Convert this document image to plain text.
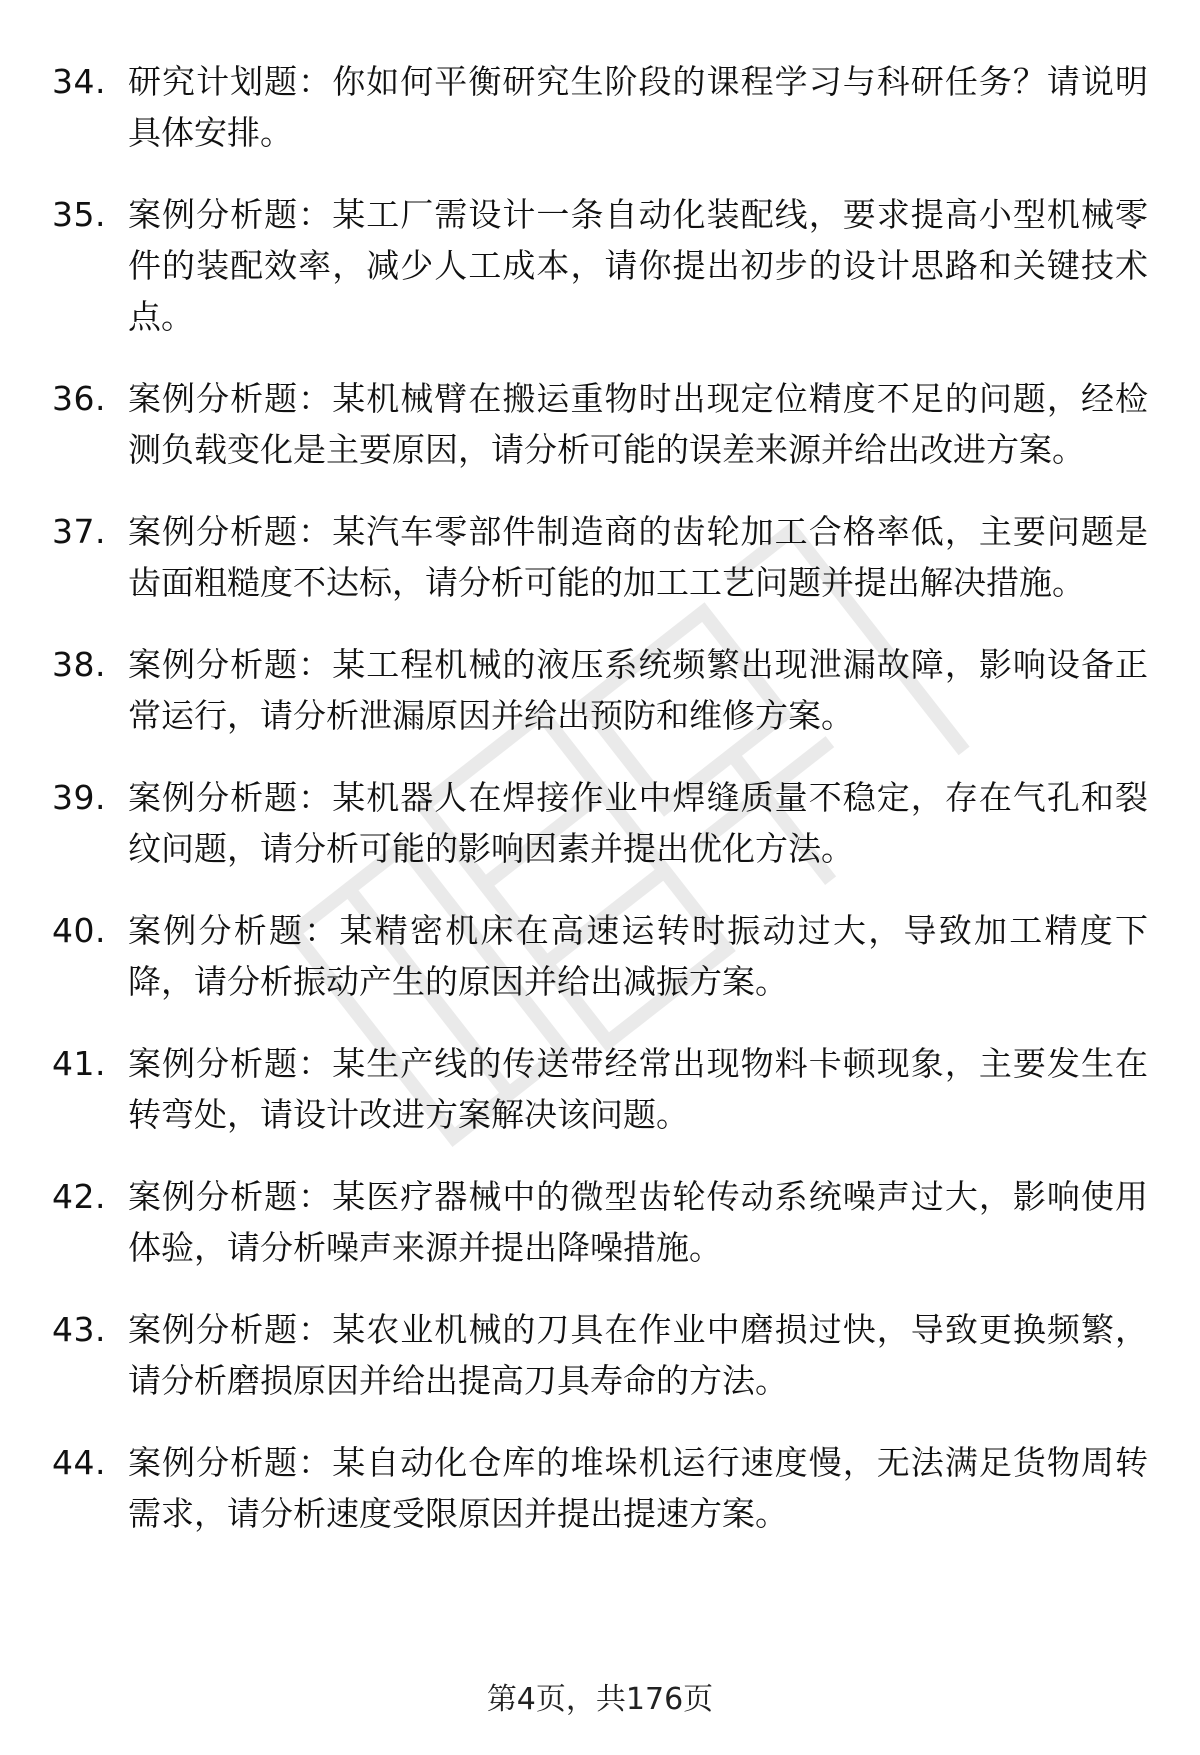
34. 研究计划题：你如何平衡研究生阶段的课程学习与科研任务？请说明具体安排。
35. 案例分析题：某工厂需设计一条自动化装配线，要求提高小型机械零件的装配效率，减少人工成本，请你提出初步的设计思路和关键技术点。
36. 案例分析题：某机械臂在搬运重物时出现定位精度不足的问题，经检测负载变化是主要原因，请分析可能的误差来源并给出改进方案。
37. 案例分析题：某汽车零部件制造商的齿轮加工合格率低，主要问题是齿面粗糙度不达标，请分析可能的加工工艺问题并提出解决措施。
38. 案例分析题：某工程机械的液压系统频繁出现泄漏故障，影响设备正常运行，请分析泄漏原因并给出预防和维修方案。
39. 案例分析题：某机器人在焊接作业中焊缝质量不稳定，存在气孔和裂纹问题，请分析可能的影响因素并提出优化方法。
40. 案例分析题：某精密机床在高速运转时振动过大，导致加工精度下降，请分析振动产生的原因并给出减振方案。
41. 案例分析题：某生产线的传送带经常出现物料卡顿现象，主要发生在转弯处，请设计改进方案解决该问题。
42. 案例分析题：某医疗器械中的微型齿轮传动系统噪声过大，影响使用体验，请分析噪声来源并提出降噪措施。
43. 案例分析题：某农业机械的刀具在作业中磨损过快，导致更换频繁，请分析磨损原因并给出提高刀具寿命的方法。
44. 案例分析题：某自动化仓库的堆垛机运行速度慢，无法满足货物周转需求，请分析速度受限原因并提出提速方案。
第4页，共176页
